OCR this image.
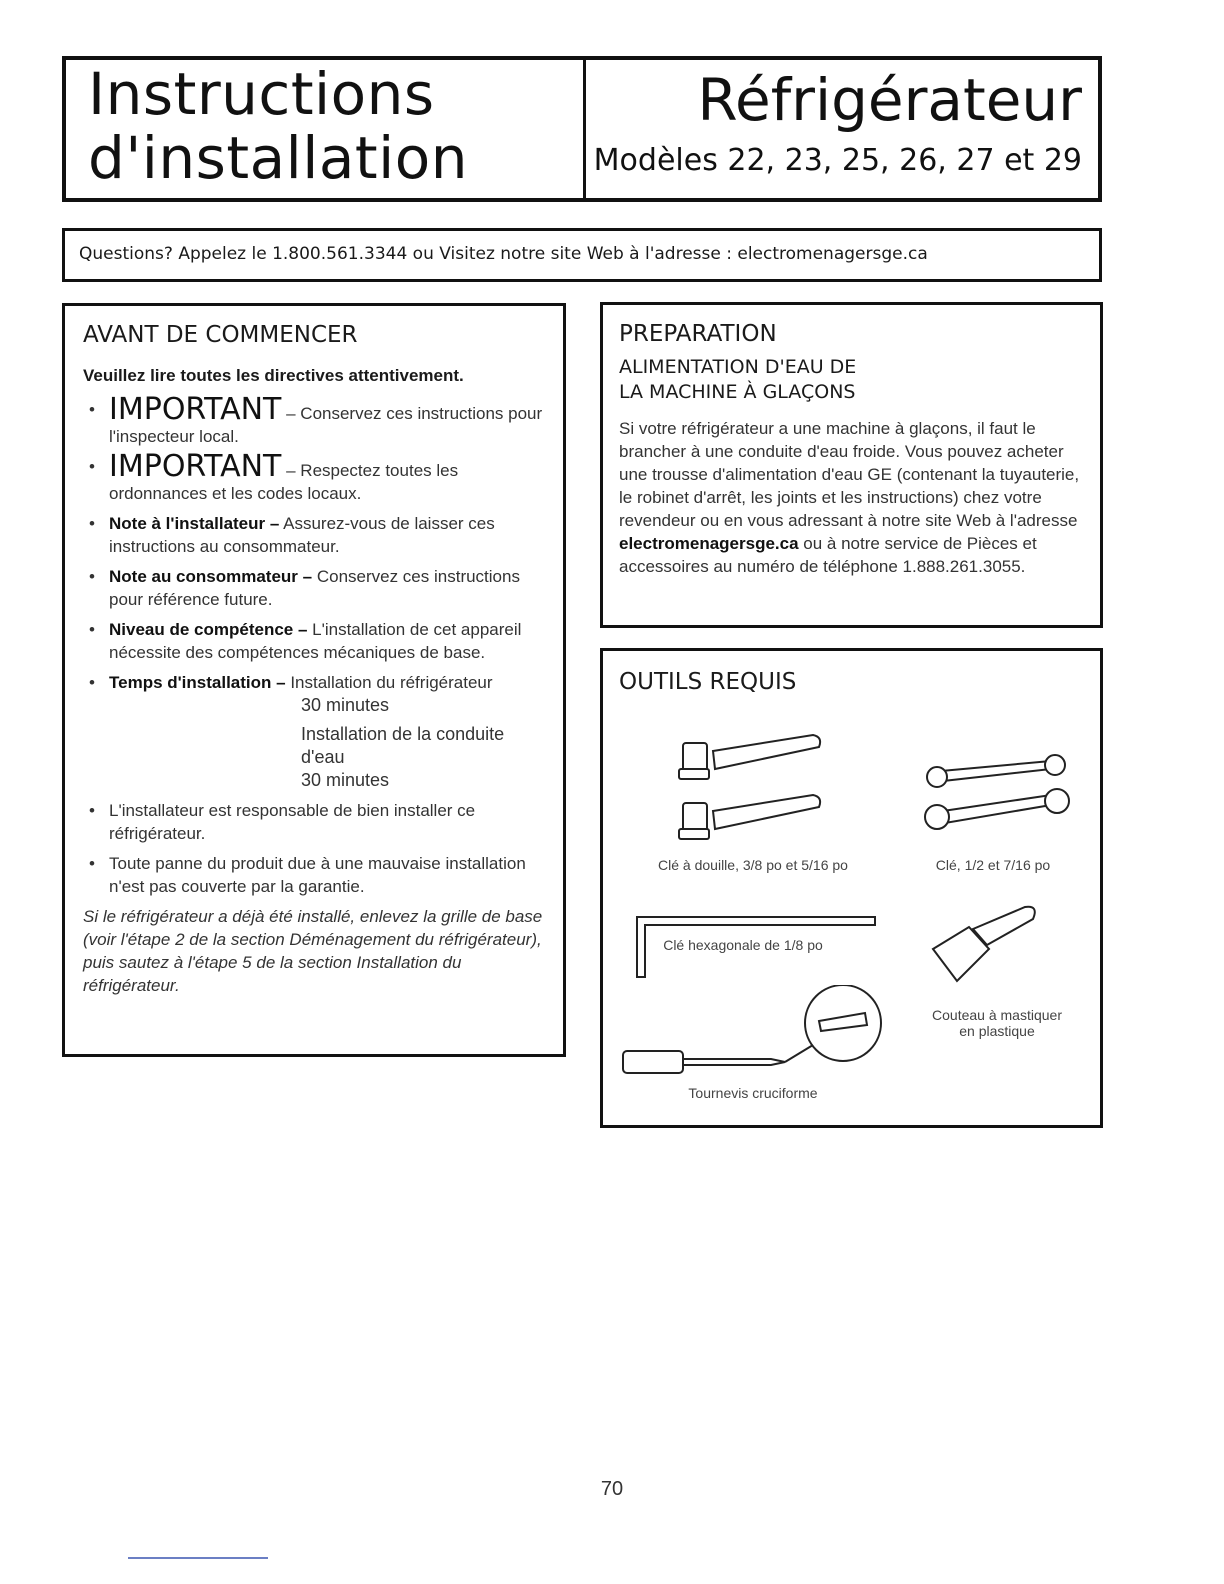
Instructions
d'installation
Réfrigérateur
Modèles 22, 23, 25, 26, 27 et 29
Questions? Appelez le 1.800.561.3344 ou Visitez notre site Web à l'adresse : electromenagersge.ca
AVANT DE COMMENCER
Veuillez lire toutes les directives attentivement.
• IMPORTANT – Conservez ces instructions pour l'inspecteur local.
• IMPORTANT – Respectez toutes les ordonnances et les codes locaux.
• Note à l'installateur – Assurez-vous de laisser ces instructions au consommateur.
• Note au consommateur – Conservez ces instructions pour référence future.
• Niveau de compétence – L'installation de cet appareil nécessite des compétences mécaniques de base.
• Temps d'installation – Installation du réfrigérateur
30 minutes
Installation de la conduite d'eau
30 minutes
• L'installateur est responsable de bien installer ce réfrigérateur.
• Toute panne du produit due à une mauvaise installation n'est pas couverte par la garantie.
Si le réfrigérateur a déjà été installé, enlevez la grille de base (voir l'étape 2 de la section Déménagement du réfrigérateur), puis sautez à l'étape 5 de la section Installation du réfrigérateur.
PREPARATION
ALIMENTATION D'EAU DE
LA MACHINE À GLAÇONS
Si votre réfrigérateur a une machine à glaçons, il faut le brancher à une conduite d'eau froide. Vous pouvez acheter une trousse d'alimentation d'eau GE (contenant la tuyauterie, le robinet d'arrêt, les joints et les instructions) chez votre revendeur ou en vous adressant à notre site Web à l'adresse electromenagersge.ca ou à notre service de Pièces et accessoires au numéro de téléphone 1.888.261.3055.
OUTILS REQUIS
Clé à douille, 3/8 po et 5/16 po	Clé, 1/2 et 7/16 po
Clé hexagonale de 1/8 po
Couteau à mastiquer
en plastique
Tournevis cruciforme
70
